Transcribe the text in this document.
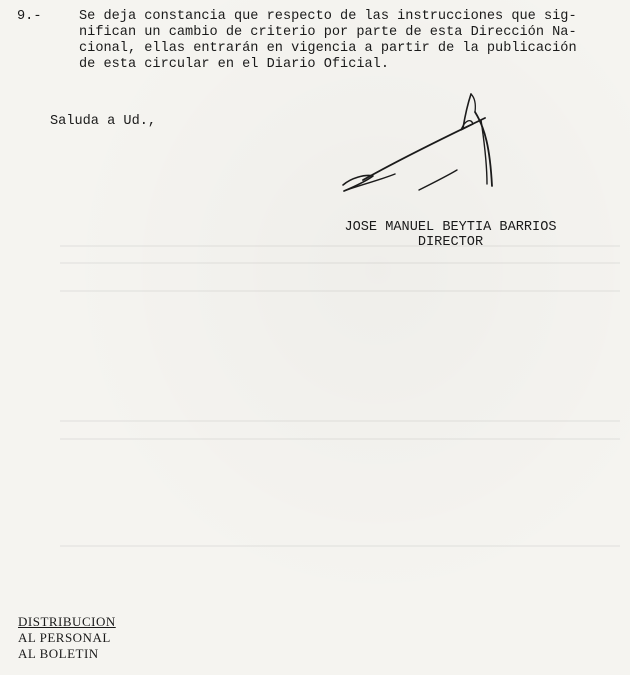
9.-	Se deja constancia que respecto de las instrucciones que sig-
nifican un cambio de criterio por parte de esta Dirección Na-
cional, ellas entrarán en vigencia a partir de la publicación
de esta circular en el Diario Oficial.
Saluda a Ud.,
JOSE MANUEL BEYTIA BARRIOS
DIRECTOR
DISTRIBUCION
AL PERSONAL
AL BOLETIN
